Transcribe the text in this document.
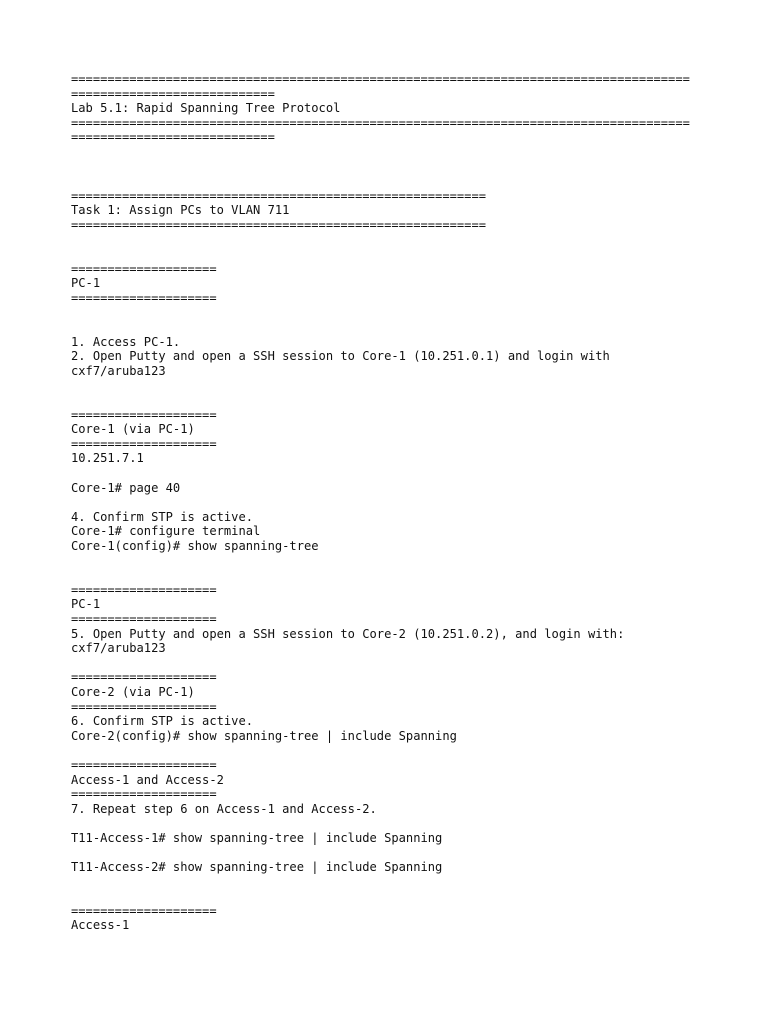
=====================================================================================
============================
Lab 5.1: Rapid Spanning Tree Protocol
=====================================================================================
============================
=========================================================
Task 1: Assign PCs to VLAN 711
=========================================================
====================
PC-1
====================
1. Access PC-1.
2. Open Putty and open a SSH session to Core-1 (10.251.0.1) and login with
cxf7/aruba123
====================
Core-1 (via PC-1)
====================
10.251.7.1
Core-1# page 40
4. Confirm STP is active.
Core-1# configure terminal
Core-1(config)# show spanning-tree
====================
PC-1
====================
5. Open Putty and open a SSH session to Core-2 (10.251.0.2), and login with:
cxf7/aruba123
====================
Core-2 (via PC-1)
====================
6. Confirm STP is active.
Core-2(config)# show spanning-tree | include Spanning
====================
Access-1 and Access-2
====================
7. Repeat step 6 on Access-1 and Access-2.
T11-Access-1# show spanning-tree | include Spanning
T11-Access-2# show spanning-tree | include Spanning
====================
Access-1
